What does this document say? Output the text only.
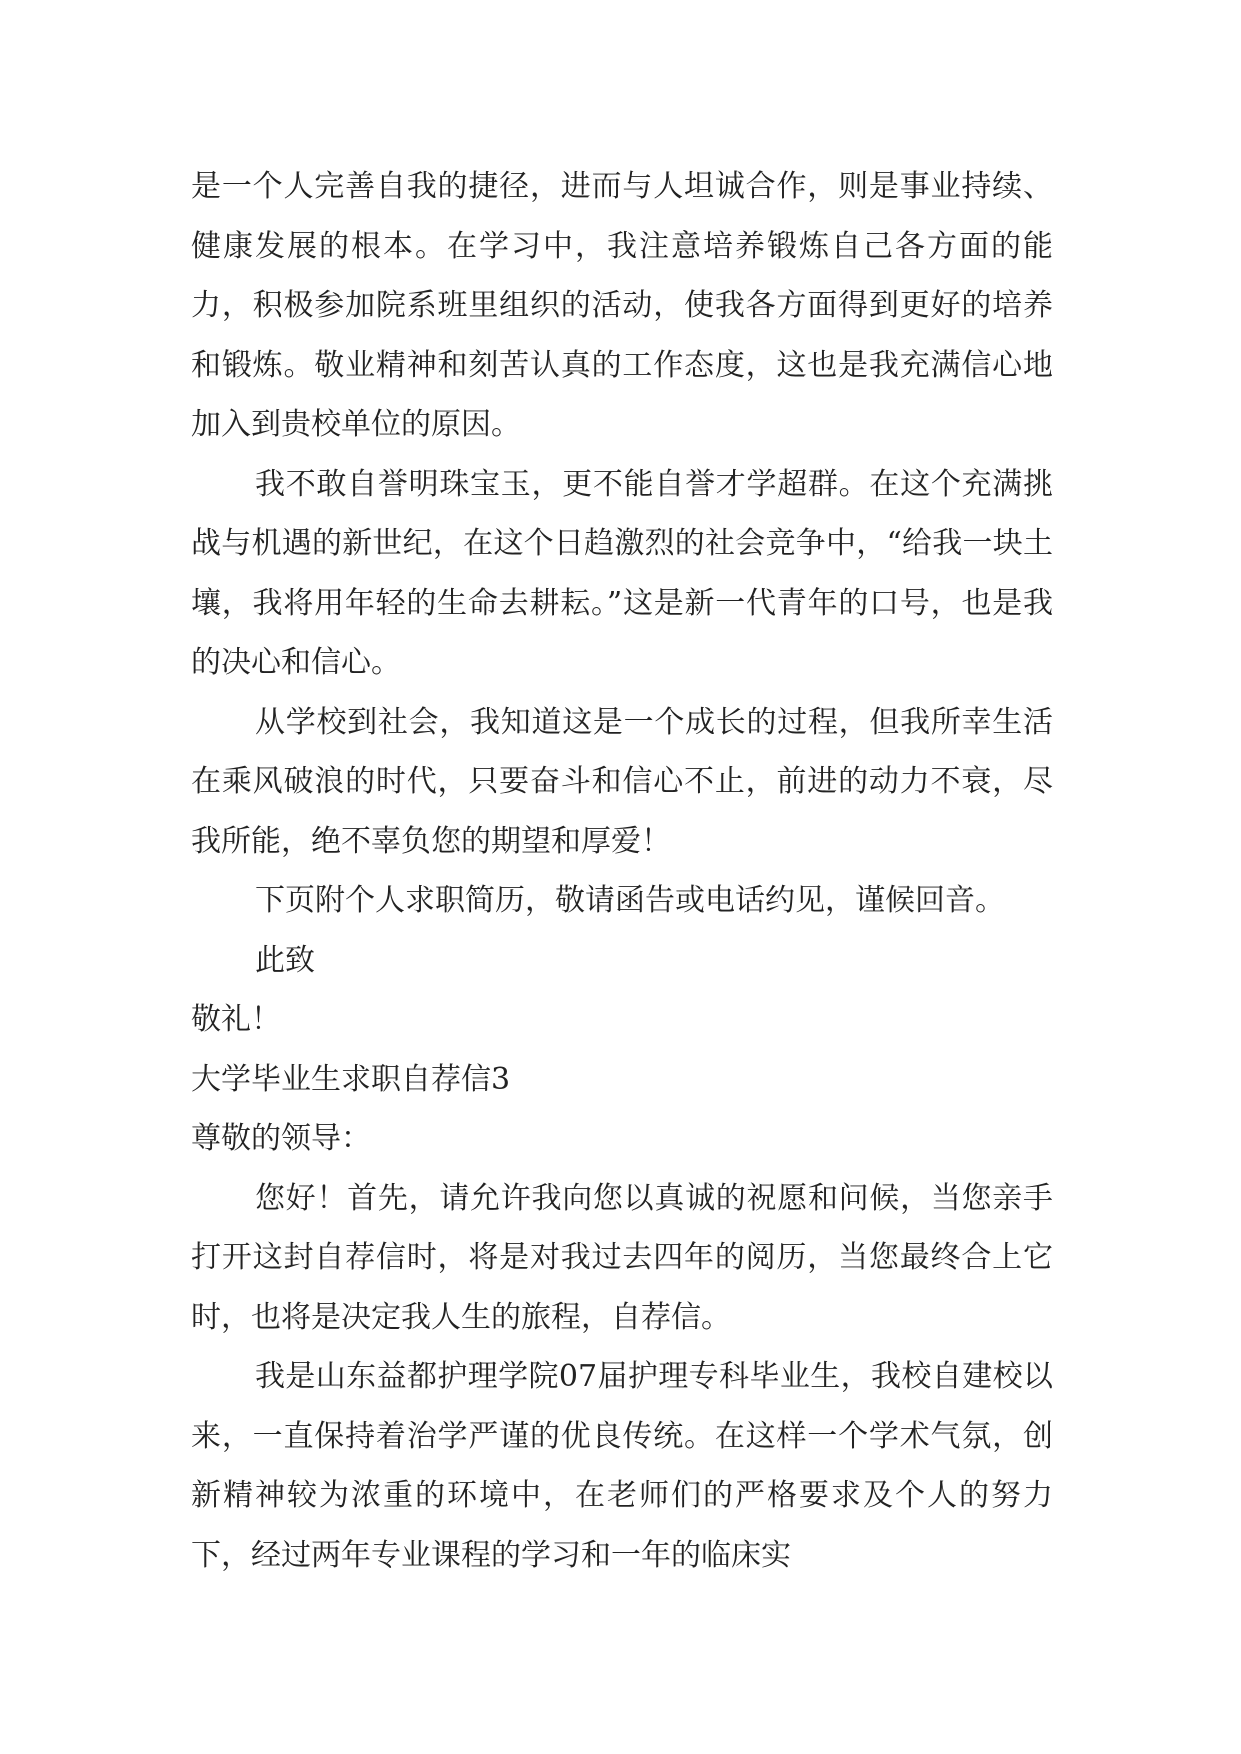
是一个人完善自我的捷径，进而与人坦诚合作，则是事业持续、健康发展的根本。在学习中，我注意培养锻炼自己各方面的能力，积极参加院系班里组织的活动，使我各方面得到更好的培养和锻炼。敬业精神和刻苦认真的工作态度，这也是我充满信心地加入到贵校单位的原因。

我不敢自誉明珠宝玉，更不能自誉才学超群。在这个充满挑战与机遇的新世纪，在这个日趋激烈的社会竞争中，“给我一块土壤，我将用年轻的生命去耕耘。”这是新一代青年的口号，也是我的决心和信心。

从学校到社会，我知道这是一个成长的过程，但我所幸生活在乘风破浪的时代，只要奋斗和信心不止，前进的动力不衰，尽我所能，绝不辜负您的期望和厚爱！

下页附个人求职简历，敬请函告或电话约见，谨候回音。

此致

敬礼！

大学毕业生求职自荐信3

尊敬的领导：

您好！首先，请允许我向您以真诚的祝愿和问候，当您亲手打开这封自荐信时，将是对我过去四年的阅历，当您最终合上它时，也将是决定我人生的旅程，自荐信。

我是山东益都护理学院07届护理专科毕业生，我校自建校以来，一直保持着治学严谨的优良传统。在这样一个学术气氛，创新精神较为浓重的环境中，在老师们的严格要求及个人的努力下，经过两年专业课程的学习和一年的临床实
